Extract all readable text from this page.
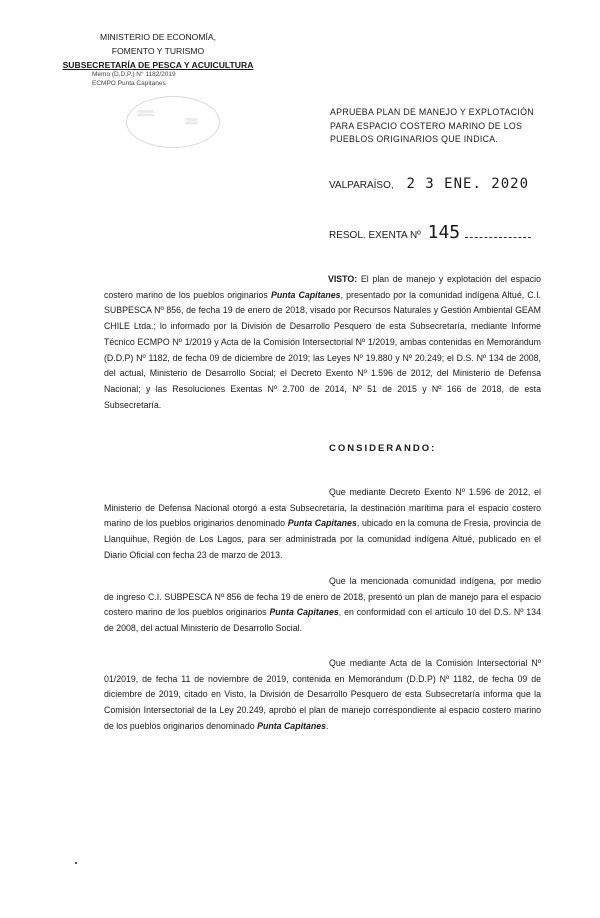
MINISTERIO DE ECONOMÍA,
FOMENTO Y TURISMO
SUBSECRETARÍA DE PESCA Y ACUICULTURA
Memo (D.D.P.) N° 1182/2019
ECMPO Punta Capitanes
▒▒▒▒
▒▒▒
APRUEBA PLAN DE MANEJO Y EXPLOTACIÓN PARA ESPACIO COSTERO MARINO DE LOS PUEBLOS ORIGINARIOS QUE INDICA.
VALPARAÍSO, 2 3 ENE. 2020
RESOL. EXENTA Nº 145
VISTO: El plan de manejo y explotación del espacio costero marino de los pueblos originarios Punta Capitanes, presentado por la comunidad indígena Altué, C.I. SUBPESCA Nº 856, de fecha 19 de enero de 2018, visado por Recursos Naturales y Gestión Ambiental GEAM CHILE Ltda.; lo informado por la División de Desarrollo Pesquero de esta Subsecretaría, mediante Informe Técnico ECMPO Nº 1/2019 y Acta de la Comisión Intersectorial Nº 1/2019, ambas contenidas en Memorándum (D.D.P) Nº 1182, de fecha 09 de diciembre de 2019; las Leyes Nº 19.880 y Nº 20.249; el D.S. Nº 134 de 2008, del actual, Ministerio de Desarrollo Social; el Decreto Exento Nº 1.596 de 2012, del Ministerio de Defensa Nacional; y las Resoluciones Exentas Nº 2.700 de 2014, Nº 51 de 2015 y Nº 166 de 2018, de esta Subsecretaría.
CONSIDERANDO:
Que mediante Decreto Exento Nº 1.596 de 2012, el Ministerio de Defensa Nacional otorgó a esta Subsecretaría, la destinación marítima para el espacio costero marino de los pueblos originarios denominado Punta Capitanes, ubicado en la comuna de Fresia, provincia de Llanquihue, Región de Los Lagos, para ser administrada por la comunidad indígena Altué, publicado en el Diario Oficial con fecha 23 de marzo de 2013.
Que la mencionada comunidad indígena, por medio de ingreso C.I. SUBPESCA Nº 856 de fecha 19 de enero de 2018, presentó un plan de manejo para el espacio costero marino de los pueblos originarios Punta Capitanes, en conformidad con el artículo 10 del D.S. Nº 134 de 2008, del actual Ministerio de Desarrollo Social.
Que mediante Acta de la Comisión Intersectorial Nº 01/2019, de fecha 11 de noviembre de 2019, contenida en Memorándum (D.D.P) Nº 1182, de fecha 09 de diciembre de 2019, citado en Visto, la División de Desarrollo Pesquero de esta Subsecretaría informa que la Comisión Intersectorial de la Ley 20.249, aprobó el plan de manejo correspondiente al espacio costero marino de los pueblos originarios denominado Punta Capitanes.
